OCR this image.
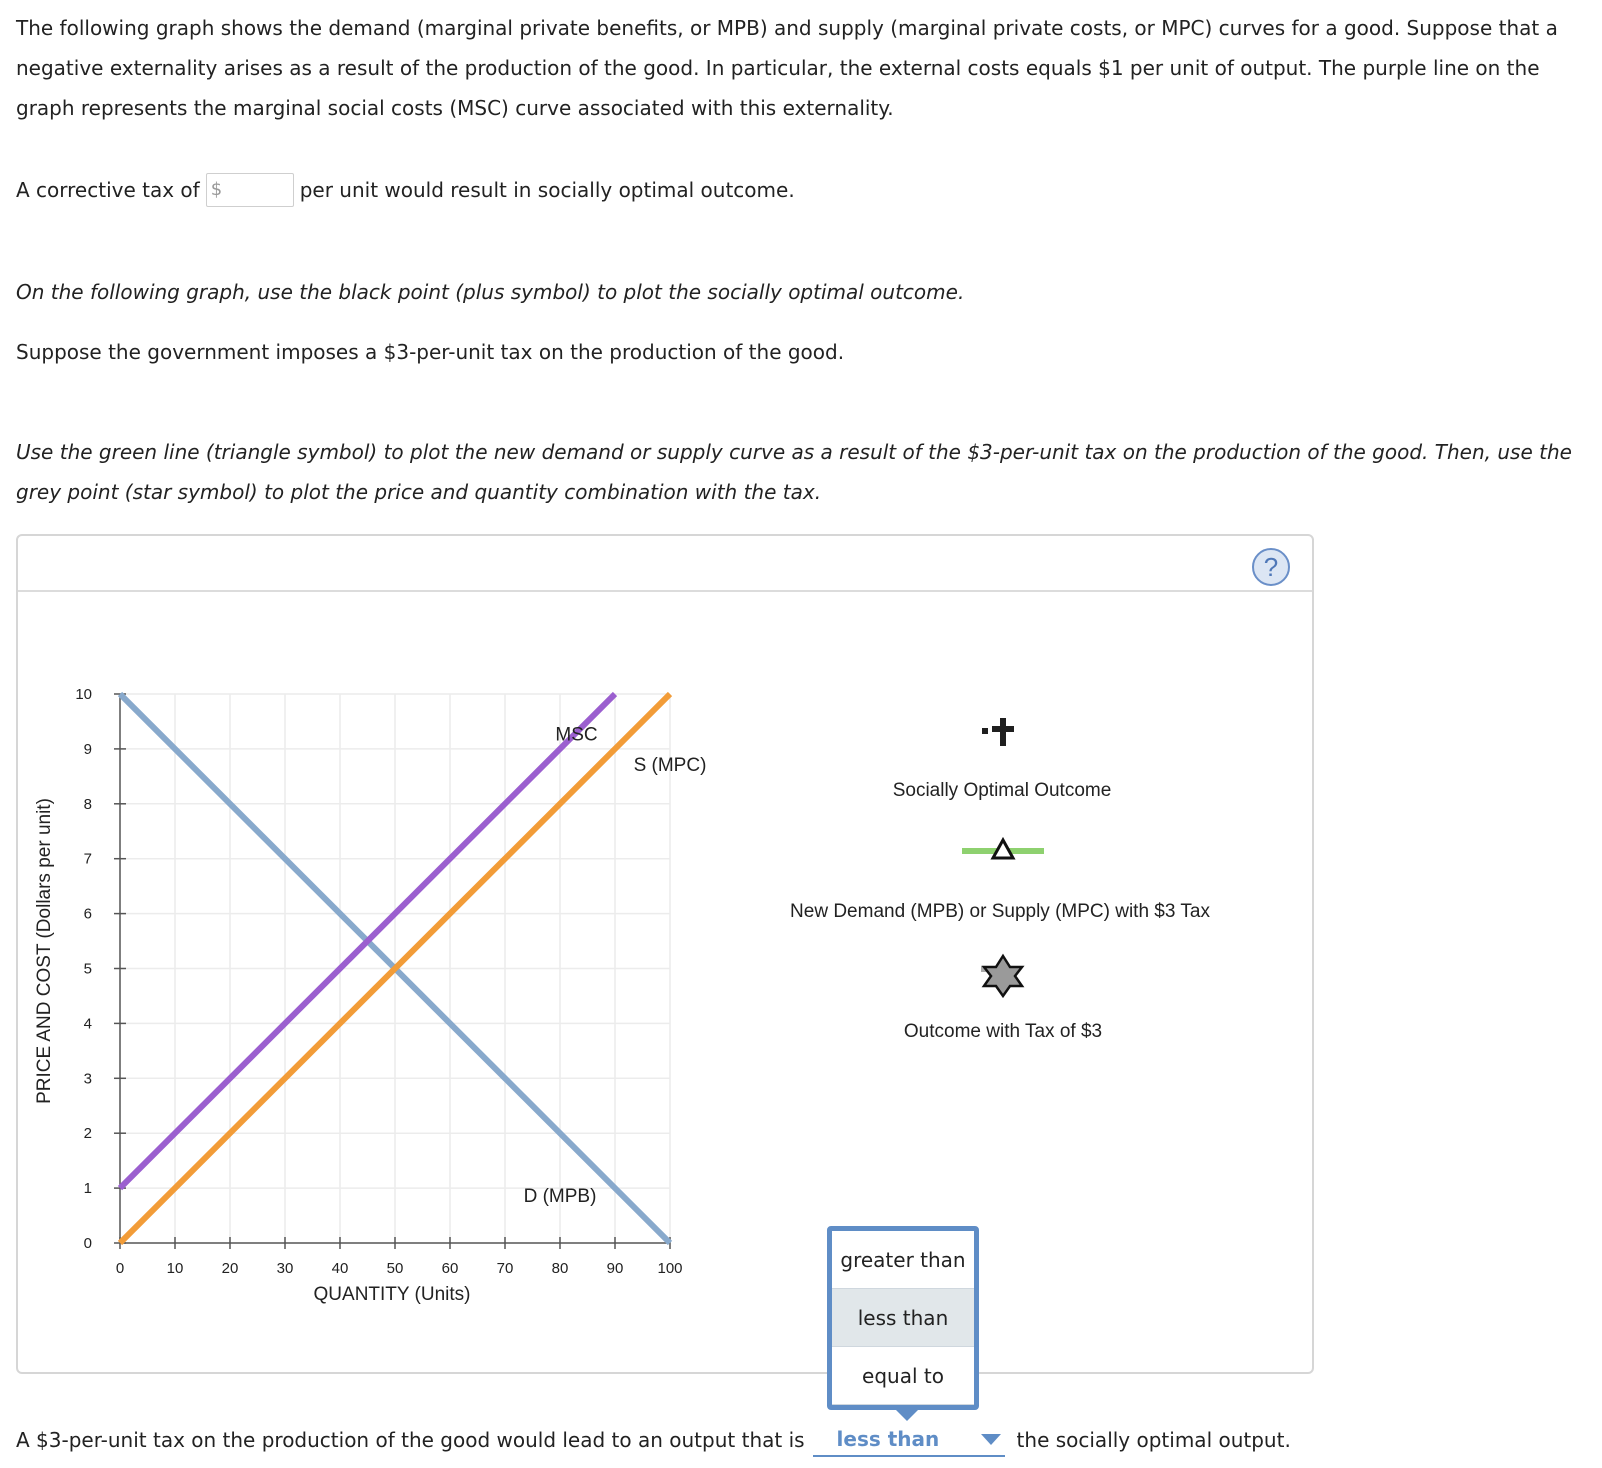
The following graph shows the demand (marginal private benefits, or MPB) and supply (marginal private costs, or MPC) curves for a good. Suppose that a negative externality arises as a result of the production of the good. In particular, the external costs equals $1 per unit of output. The purple line on the graph represents the marginal social costs (MSC) curve associated with this externality.

A corrective tax of $	per unit would result in socially optimal outcome.

On the following graph, use the black point (plus symbol) to plot the socially optimal outcome.

Suppose the government imposes a $3-per-unit tax on the production of the good.

Use the green line (triangle symbol) to plot the new demand or supply curve as a result of the $3-per-unit tax on the production of the good. Then, use the grey point (star symbol) to plot the price and quantity combination with the tax.

?
0	10	20	30	40	50	60	70	80	90 100
0
1
2
3
4
5
6
7
8
9
10
D (MPB)
S (MPC)
MSC
QUANTITY (Units)
PRICE AND COST (Dollars per unit)
Socially Optimal Outcome
New Demand (MPB) or Supply (MPC) with $3 Tax
Outcome with Tax of $3
greater than
less than
equal to
A $3-per-unit tax on the production of the good would lead to an output that is less than	the socially optimal output.
